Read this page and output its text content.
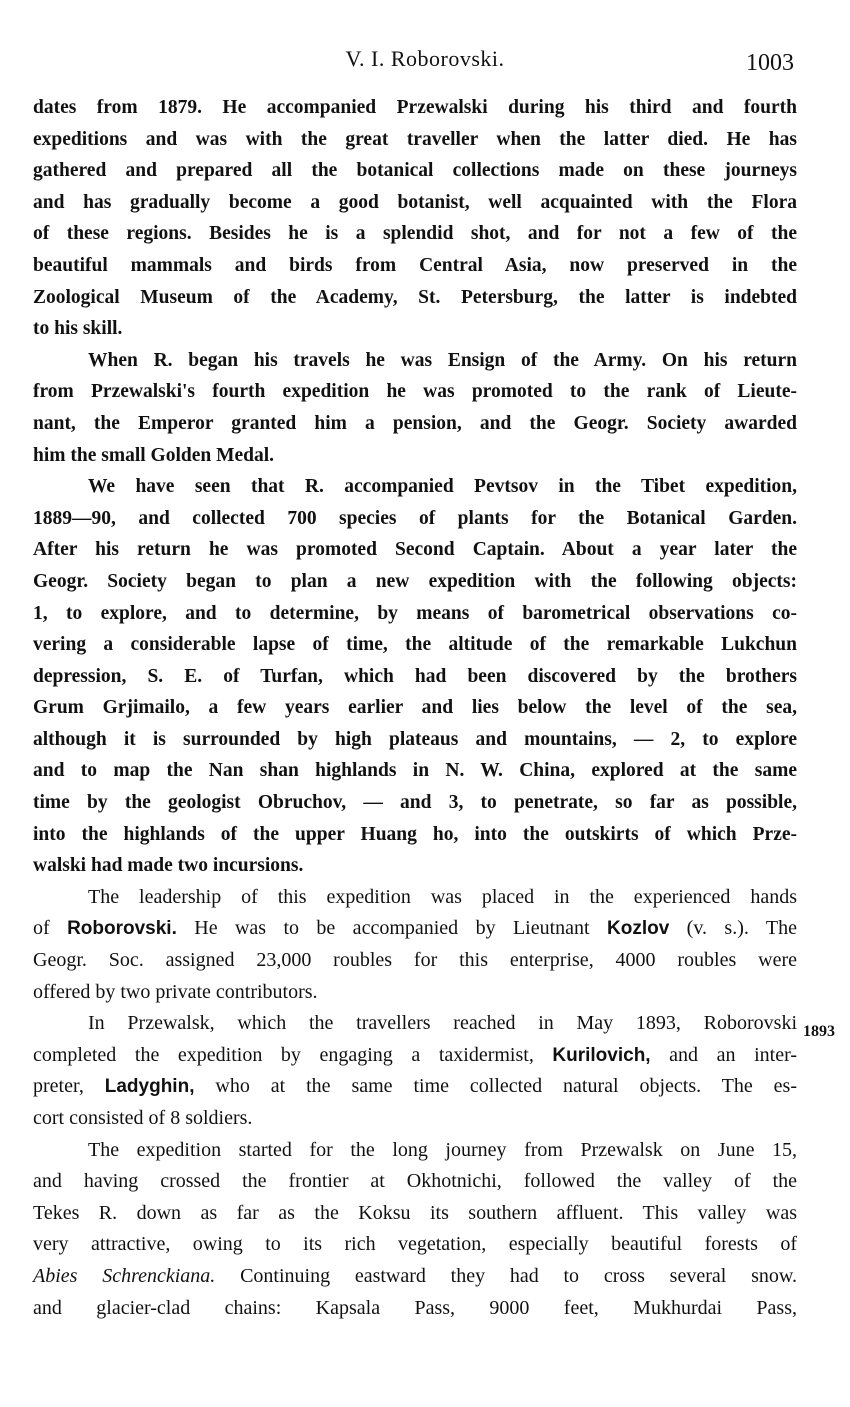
V. I. Roborovski.	1003
1893
dates from 1879. He accompanied Przewalski during his third and fourth
expeditions and was with the great traveller when the latter died. He has
gathered and prepared all the botanical collections made on these journeys
and has gradually become a good botanist, well acquainted with the Flora
of these regions. Besides he is a splendid shot, and for not a few of the
beautiful mammals and birds from Central Asia, now preserved in the
Zoological Museum of the Academy, St. Petersburg, the latter is indebted
to his skill.
When R. began his travels he was Ensign of the Army. On his return
from Przewalski's fourth expedition he was promoted to the rank of Lieute-
nant, the Emperor granted him a pension, and the Geogr. Society awarded
him the small Golden Medal.
We have seen that R. accompanied Pevtsov in the Tibet expedition,
1889—90, and collected 700 species of plants for the Botanical Garden.
After his return he was promoted Second Captain. About a year later the
Geogr. Society began to plan a new expedition with the following objects:
1, to explore, and to determine, by means of barometrical observations co-
vering a considerable lapse of time, the altitude of the remarkable Lukchun
depression, S. E. of Turfan, which had been discovered by the brothers
Grum Grjimailo, a few years earlier and lies below the level of the sea,
although it is surrounded by high plateaus and mountains, — 2, to explore
and to map the Nan shan highlands in N. W. China, explored at the same
time by the geologist Obruchov, — and 3, to penetrate, so far as possible,
into the highlands of the upper Huang ho, into the outskirts of which Prze-
walski had made two incursions.
The leadership of this expedition was placed in the experienced hands
of Roborovski. He was to be accompanied by Lieutnant Kozlov (v. s.). The
Geogr. Soc. assigned 23,000 roubles for this enterprise, 4000 roubles were
offered by two private contributors.
In Przewalsk, which the travellers reached in May 1893, Roborovski
completed the expedition by engaging a taxidermist, Kurilovich, and an inter-
preter, Ladyghin, who at the same time collected natural objects. The es-
cort consisted of 8 soldiers.
The expedition started for the long journey from Przewalsk on June 15,
and having crossed the frontier at Okhotnichi, followed the valley of the
Tekes R. down as far as the Koksu its southern affluent. This valley was
very attractive, owing to its rich vegetation, especially beautiful forests of
Abies Schrenckiana. Continuing eastward they had to cross several snow.
and glacier-clad chains: Kapsala Pass, 9000 feet, Mukhurdai Pass,
